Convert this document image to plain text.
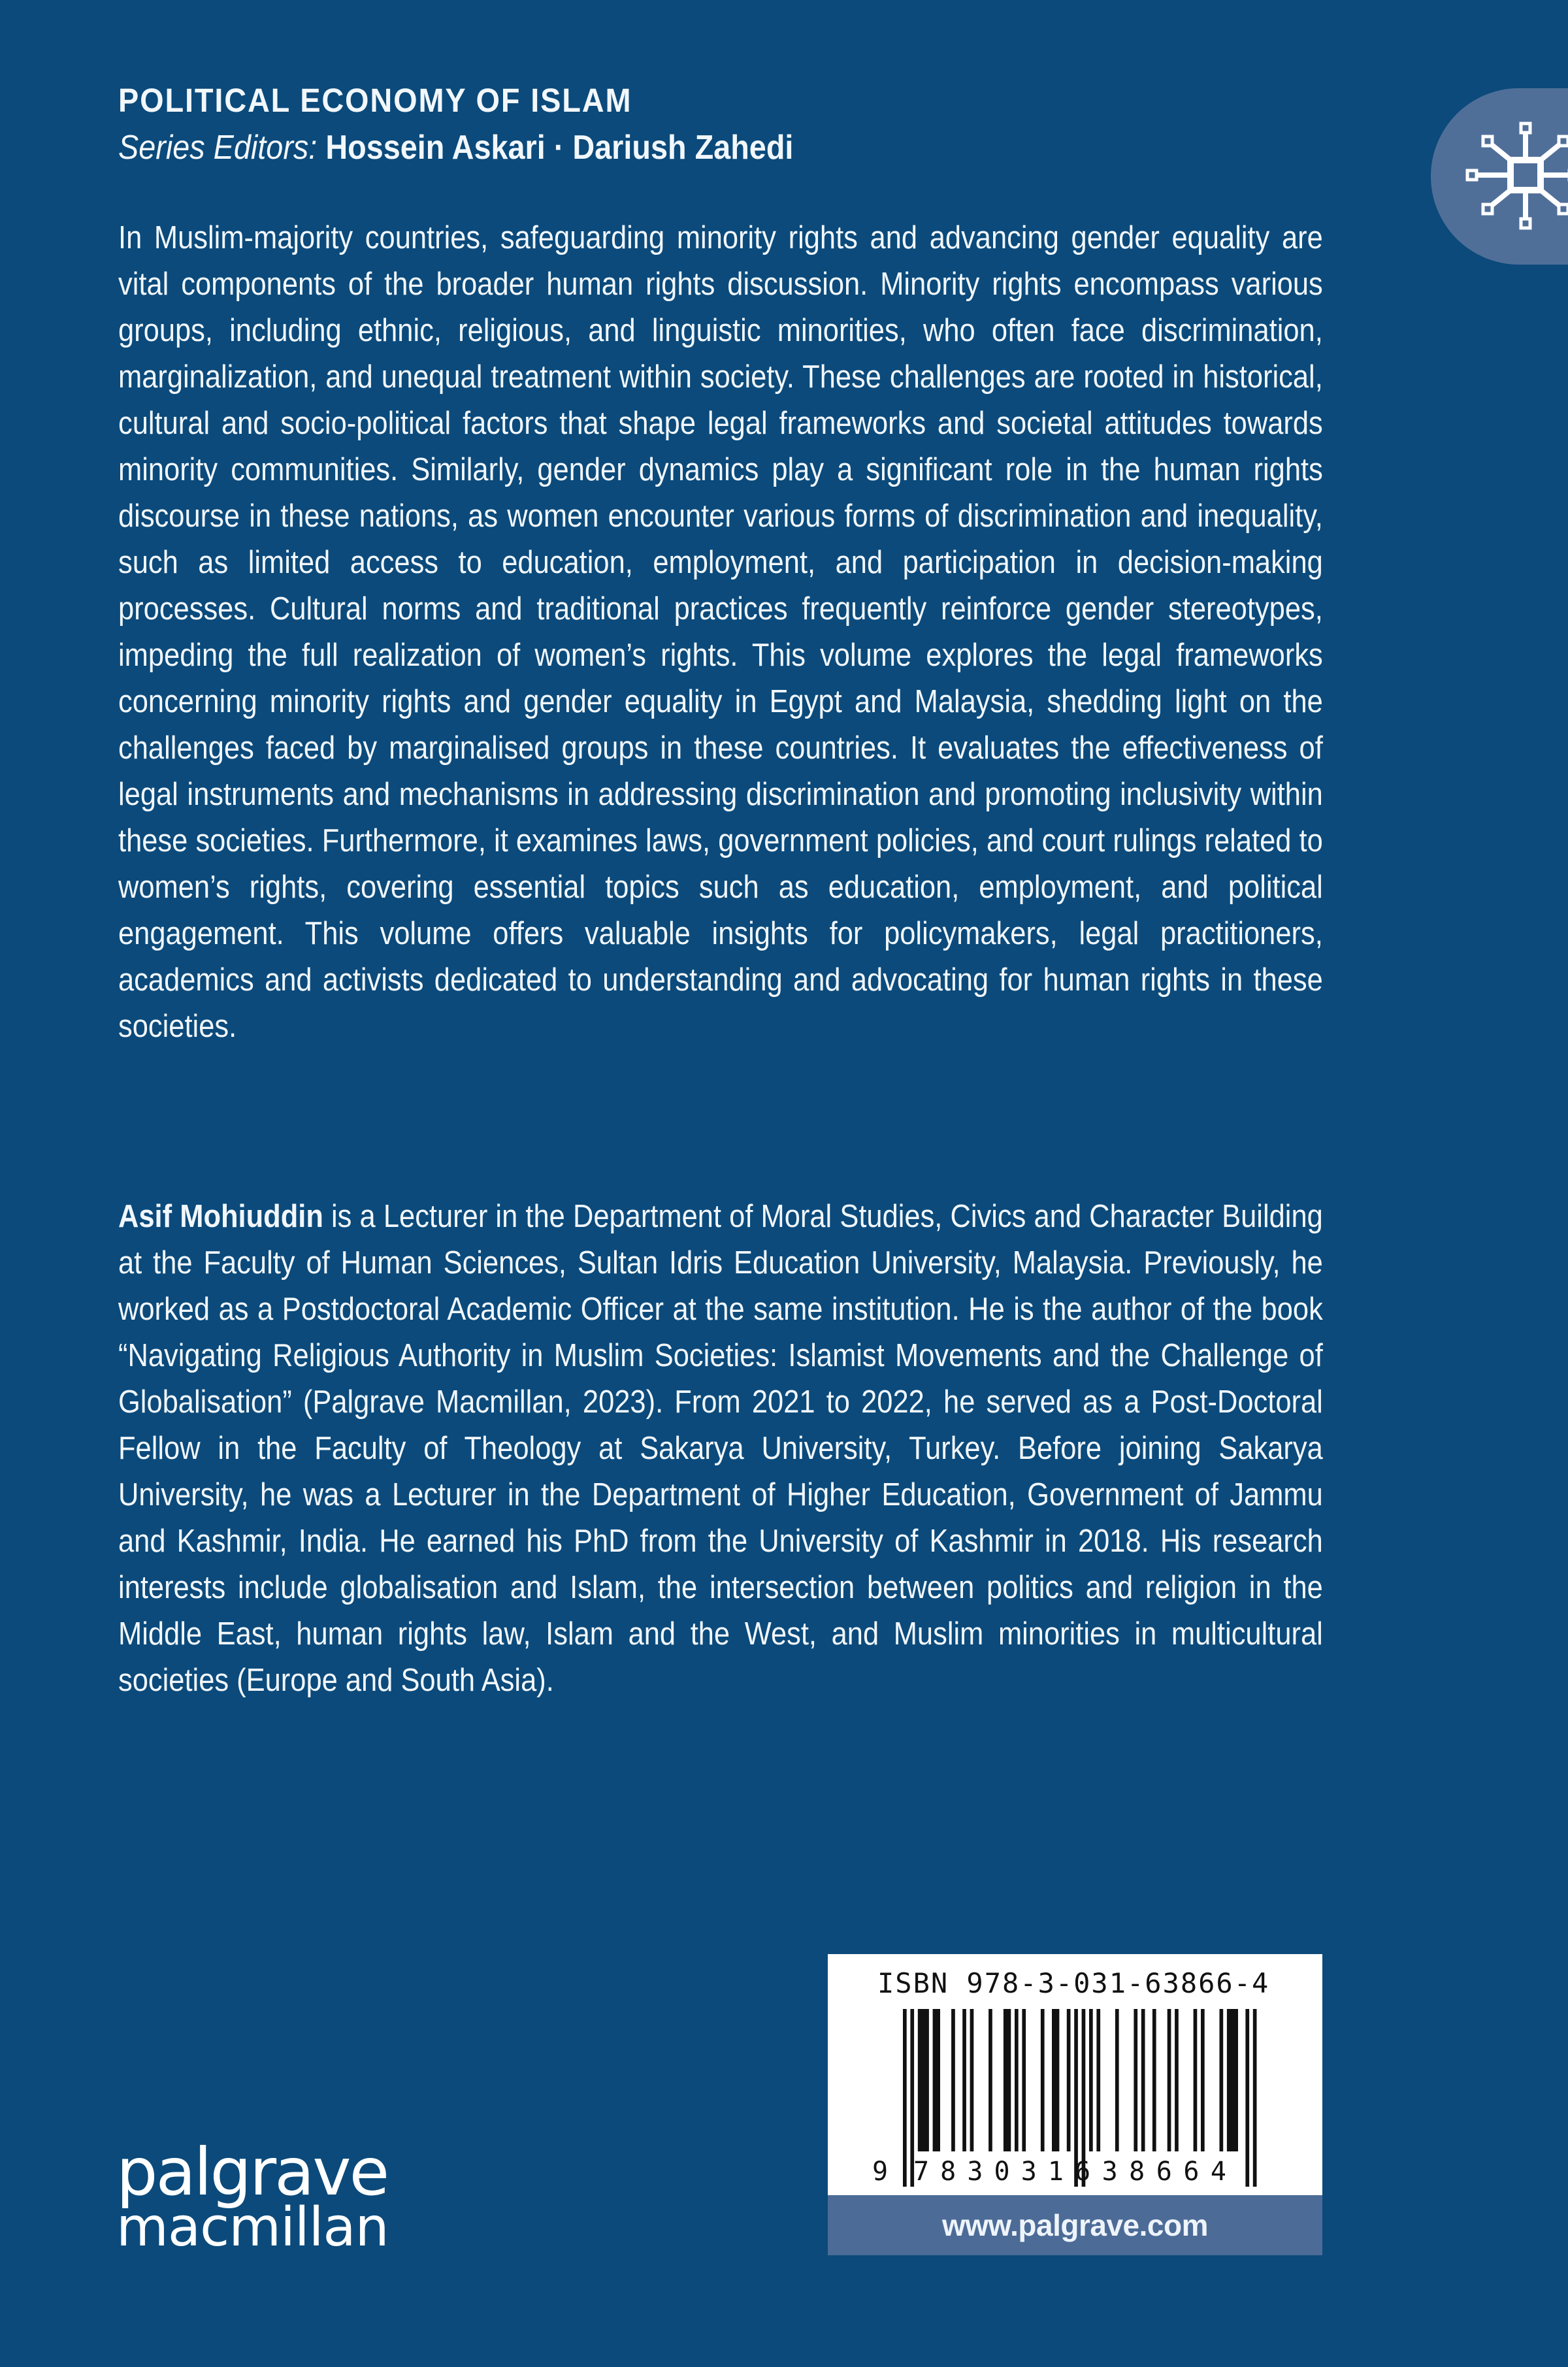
POLITICAL ECONOMY OF ISLAM
Series Editors: Hossein Askari · Dariush Zahedi

In Muslim-majority countries, safeguarding minority rights and advancing gender equality are vital components of the broader human rights discussion. Minority rights encompass various groups, including ethnic, religious, and linguistic minorities, who often face discrimination, marginalization, and unequal treatment within society. These challenges are rooted in historical, cultural and socio-political factors that shape legal frameworks and societal attitudes towards minority communities. Similarly, gender dynamics play a significant role in the human rights discourse in these nations, as women encounter various forms of discrimination and inequality, such as limited access to education, employment, and participation in decision-making processes. Cultural norms and traditional practices frequently reinforce gender stereotypes, impeding the full realization of women’s rights. This volume explores the legal frameworks concerning minority rights and gender equality in Egypt and Malaysia, shedding light on the challenges faced by marginalised groups in these countries. It evaluates the effectiveness of legal instruments and mechanisms in addressing discrimination and promoting inclusivity within these societies. Furthermore, it examines laws, government policies, and court rulings related to women’s rights, covering essential topics such as education, employment, and political engagement. This volume offers valuable insights for policymakers, legal practitioners, academics and activists dedicated to understanding and advocating for human rights in these societies.

Asif Mohiuddin is a Lecturer in the Department of Moral Studies, Civics and Character Building at the Faculty of Human Sciences, Sultan Idris Education University, Malaysia. Previously, he worked as a Postdoctoral Academic Officer at the same institution. He is the author of the book “Navigating Religious Authority in Muslim Societies: Islamist Movements and the Challenge of Globalisation” (Palgrave Macmillan, 2023). From 2021 to 2022, he served as a Post-Doctoral Fellow in the Faculty of Theology at Sakarya University, Turkey. Before joining Sakarya University, he was a Lecturer in the Department of Higher Education, Government of Jammu and Kashmir, India. He earned his PhD from the University of Kashmir in 2018. His research interests include globalisation and Islam, the intersection between politics and religion in the Middle East, human rights law, Islam and the West, and Muslim minorities in multicultural societies (Europe and South Asia).

palgrave
macmillan
ISBN 978-3-031-63866-4
9 783031 638664
www.palgrave.com
